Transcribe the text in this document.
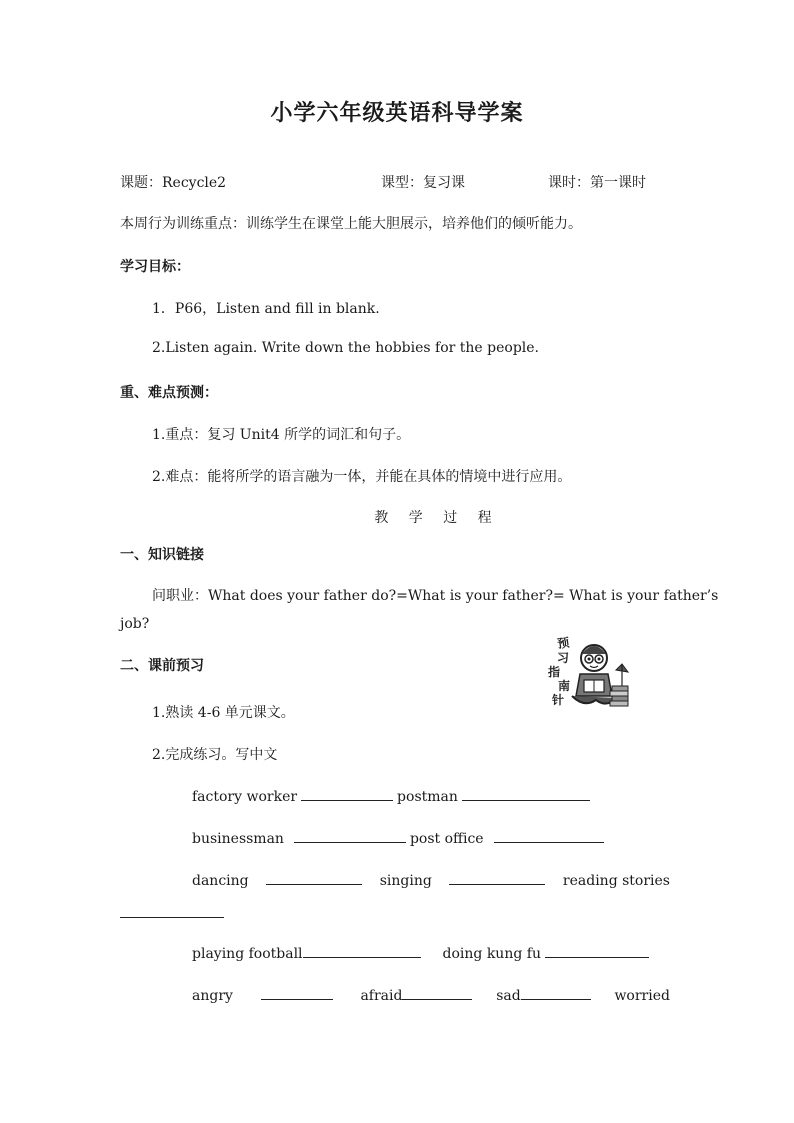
小学六年级英语科导学案
课题：Recycle2	课型：复习课	课时：第一课时
本周行为训练重点：训练学生在课堂上能大胆展示，培养他们的倾听能力。
学习目标：
1．P66，Listen and fill in blank.
2.Listen again. Write down the hobbies for the people.
重、难点预测：
1.重点：复习 Unit4 所学的词汇和句子。
2.难点：能将所学的语言融为一体，并能在具体的情境中进行应用。
教 学 过 程
一、知识链接
问职业：What does your father do?=What is your father?= What is your father’s
job?
二、课前预习
预
习
指
南
针
1.熟读 4-6 单元课文。
2.完成练习。写中文
factory worker	postman
businessman	post office
dancing	singing	reading stories
playing football	doing kung fu
angry	afraid	sad	worried
